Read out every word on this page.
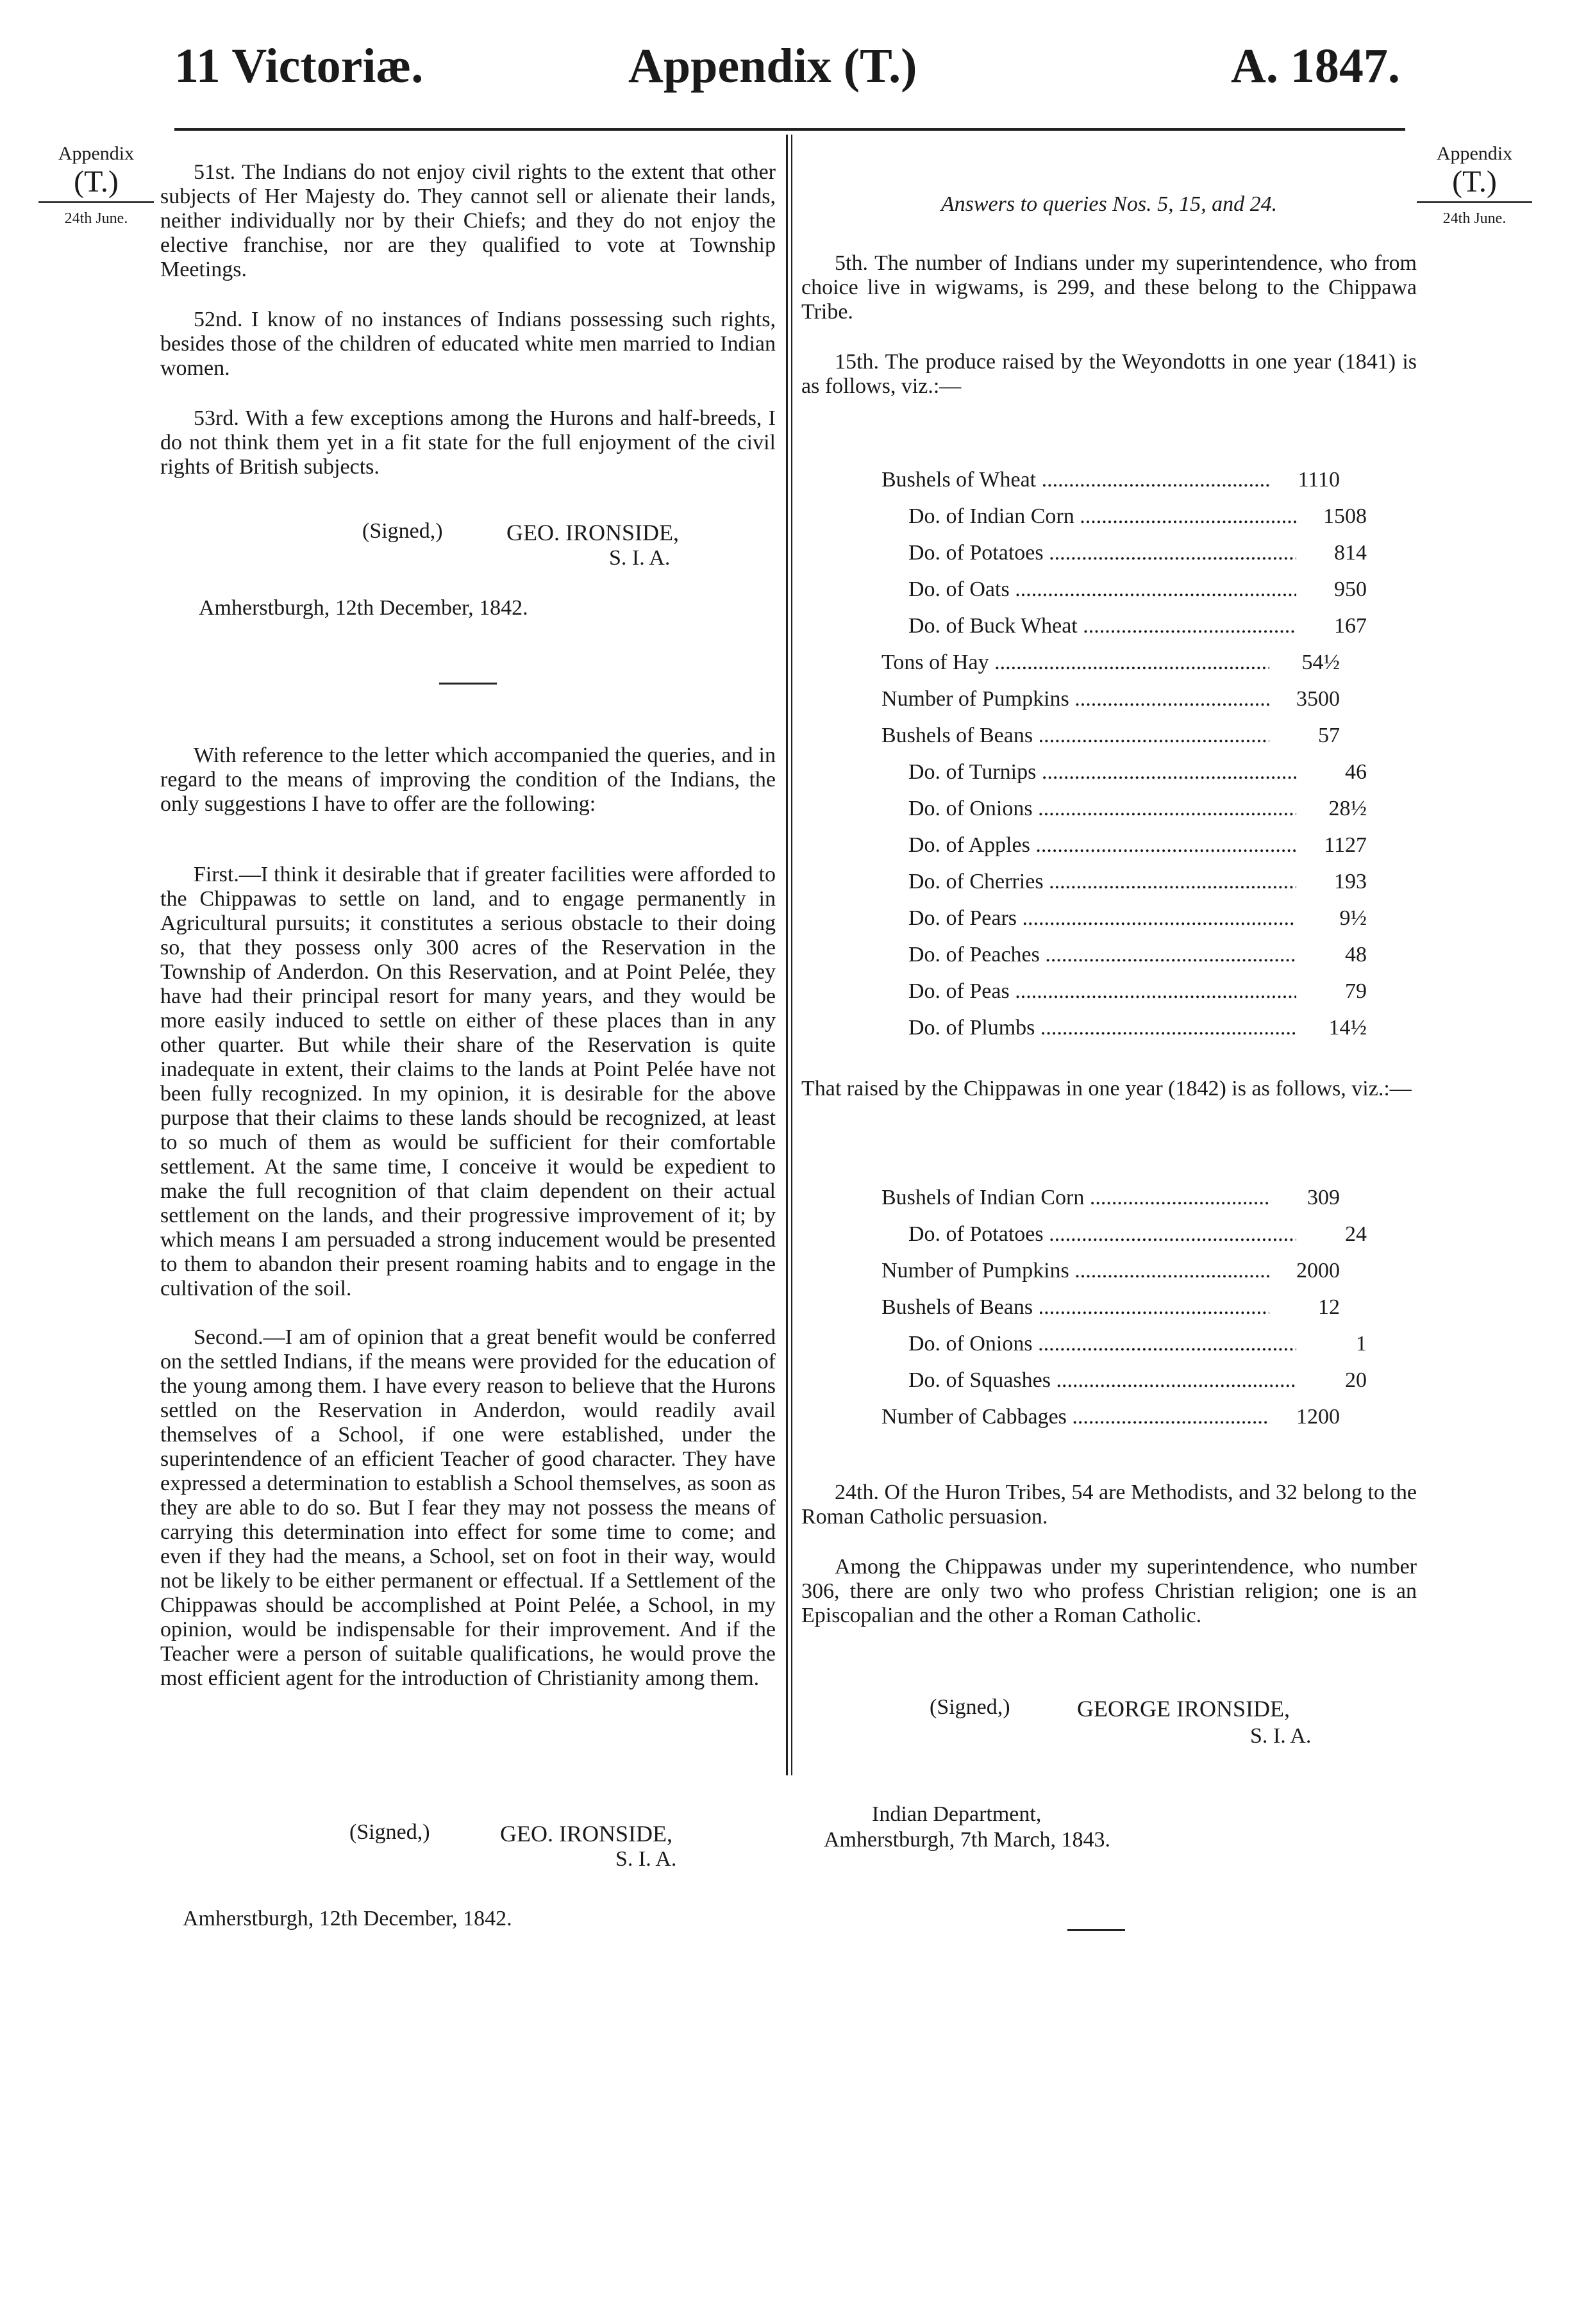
11 Victoriæ.	Appendix (T.)	A. 1847.
Appendix
(T.)
24th June.
Appendix
(T.)
24th June.

51st. The Indians do not enjoy civil rights to the extent that other subjects of Her Majesty do. They cannot sell or alienate their lands, neither individually nor by their Chiefs; and they do not enjoy the elective franchise, nor are they qualified to vote at Township Meetings.

52nd. I know of no instances of Indians possessing such rights, besides those of the children of educated white men married to Indian women.

53rd. With a few exceptions among the Hurons and half-breeds, I do not think them yet in a fit state for the full enjoyment of the civil rights of British subjects.

(Signed,)	GEO. IRONSIDE,
S. I. A.
Amherstburgh, 12th December, 1842.

With reference to the letter which accompanied the queries, and in regard to the means of improving the condition of the Indians, the only suggestions I have to offer are the following:

First.—I think it desirable that if greater facilities were afforded to the Chippawas to settle on land, and to engage permanently in Agricultural pursuits; it constitutes a serious obstacle to their doing so, that they possess only 300 acres of the Reservation in the Township of Anderdon. On this Reservation, and at Point Pelée, they have had their principal resort for many years, and they would be more easily induced to settle on either of these places than in any other quarter. But while their share of the Reservation is quite inadequate in extent, their claims to the lands at Point Pelée have not been fully recognized. In my opinion, it is desirable for the above purpose that their claims to these lands should be recognized, at least to so much of them as would be sufficient for their comfortable settlement. At the same time, I conceive it would be expedient to make the full recognition of that claim dependent on their actual settlement on the lands, and their progressive improvement of it; by which means I am persuaded a strong inducement would be presented to them to abandon their present roaming habits and to engage in the cultivation of the soil.

Second.—I am of opinion that a great benefit would be conferred on the settled Indians, if the means were provided for the education of the young among them. I have every reason to believe that the Hurons settled on the Reservation in Anderdon, would readily avail themselves of a School, if one were established, under the superintendence of an efficient Teacher of good character. They have expressed a determination to establish a School themselves, as soon as they are able to do so. But I fear they may not possess the means of carrying this determination into effect for some time to come; and even if they had the means, a School, set on foot in their way, would not be likely to be either permanent or effectual. If a Settlement of the Chippawas should be accomplished at Point Pelée, a School, in my opinion, would be indispensable for their improvement. And if the Teacher were a person of suitable qualifications, he would prove the most efficient agent for the introduction of Christianity among them.

(Signed,)	GEO. IRONSIDE,
S. I. A.
Amherstburgh, 12th December, 1842.
Answers to queries Nos. 5, 15, and 24.

5th. The number of Indians under my superintendence, who from choice live in wigwams, is 299, and these belong to the Chippawa Tribe.

15th. The produce raised by the Weyondotts in one year (1841) is as follows, viz.:—

Bushels of Wheat .....	1110
Do. of Indian Corn .....	1508
Do. of Potatoes .....	814
Do. of Oats .....	950
Do. of Buck Wheat .....	167
Tons of Hay .....	54½
Number of Pumpkins .....	3500
Bushels of Beans .....	57
Do. of Turnips .....	46
Do. of Onions .....	28½
Do. of Apples .....	1127
Do. of Cherries .....	193
Do. of Pears .....	9½
Do. of Peaches .....	48
Do. of Peas .....	79
Do. of Plumbs .....	14½

That raised by the Chippawas in one year (1842) is as follows, viz.:—

Bushels of Indian Corn .....	309
Do. of Potatoes .....	24
Number of Pumpkins .....	2000
Bushels of Beans .....	12
Do. of Onions .....	1
Do. of Squashes .....	20
Number of Cabbages .....	1200

24th. Of the Huron Tribes, 54 are Methodists, and 32 belong to the Roman Catholic persuasion.

Among the Chippawas under my superintendence, who number 306, there are only two who profess Christian religion; one is an Episcopalian and the other a Roman Catholic.

(Signed,)	GEORGE IRONSIDE,
S. I. A.
Indian Department,
Amherstburgh, 7th March, 1843.
